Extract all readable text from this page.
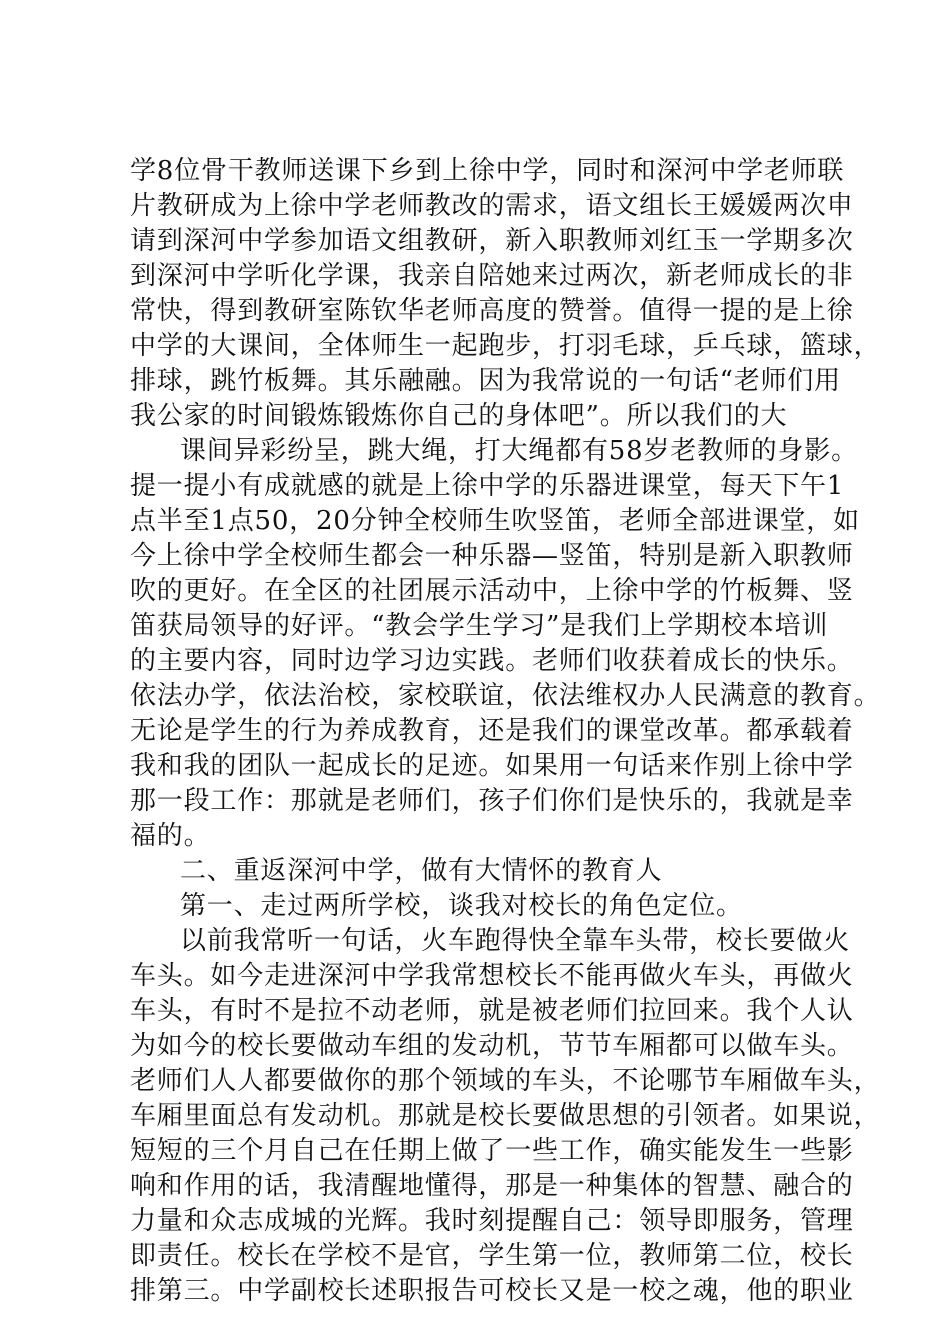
学8位骨干教师送课下乡到上徐中学，同时和深河中学老师联
片教研成为上徐中学老师教改的需求，语文组长王媛媛两次申
请到深河中学参加语文组教研，新入职教师刘红玉一学期多次
到深河中学听化学课，我亲自陪她来过两次，新老师成长的非
常快，得到教研室陈钦华老师高度的赞誉。值得一提的是上徐
中学的大课间，全体师生一起跑步，打羽毛球，乒乓球，篮球，
排球，跳竹板舞。其乐融融。因为我常说的一句话“老师们用
我公家的时间锻炼锻炼你自己的身体吧”。所以我们的大
课间异彩纷呈，跳大绳，打大绳都有58岁老教师的身影。
提一提小有成就感的就是上徐中学的乐器进课堂，每天下午1
点半至1点50，20分钟全校师生吹竖笛，老师全部进课堂，如
今上徐中学全校师生都会一种乐器—竖笛，特别是新入职教师
吹的更好。在全区的社团展示活动中，上徐中学的竹板舞、竖
笛获局领导的好评。“教会学生学习”是我们上学期校本培训
的主要内容，同时边学习边实践。老师们收获着成长的快乐。
依法办学，依法治校，家校联谊，依法维权办人民满意的教育。
无论是学生的行为养成教育，还是我们的课堂改革。都承载着
我和我的团队一起成长的足迹。如果用一句话来作别上徐中学
那一段工作：那就是老师们，孩子们你们是快乐的，我就是幸
福的。
二、重返深河中学，做有大情怀的教育人
第一、走过两所学校，谈我对校长的角色定位。
以前我常听一句话，火车跑得快全靠车头带，校长要做火
车头。如今走进深河中学我常想校长不能再做火车头，再做火
车头，有时不是拉不动老师，就是被老师们拉回来。我个人认
为如今的校长要做动车组的发动机，节节车厢都可以做车头。
老师们人人都要做你的那个领域的车头，不论哪节车厢做车头，
车厢里面总有发动机。那就是校长要做思想的引领者。如果说，
短短的三个月自己在任期上做了一些工作，确实能发生一些影
响和作用的话，我清醒地懂得，那是一种集体的智慧、融合的
力量和众志成城的光辉。我时刻提醒自己：领导即服务，管理
即责任。校长在学校不是官，学生第一位，教师第二位，校长
排第三。中学副校长述职报告可校长又是一校之魂，他的职业
